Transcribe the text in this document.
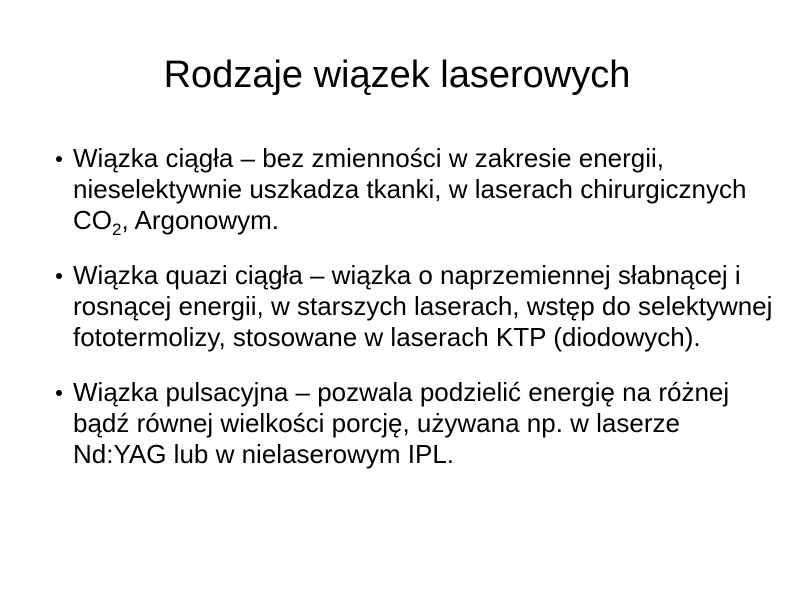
Rodzaje wiązek laserowych
Wiązka ciągła – bez zmienności w zakresie energii, nieselektywnie uszkadza tkanki, w laserach chirurgicznych $CO_2$, Argonowym.
Wiązka quazi ciągła – wiązka o naprzemiennej słabnącej i rosnącej energii, w starszych laserach, wstęp do selektywnej fototermolizy, stosowane w laserach KTP (diodowych).
Wiązka pulsacyjna – pozwala podzielić energię na różnej bądź równej wielkości porcję, używana np. w laserze Nd:YAG lub w nielaserowym IPL.
